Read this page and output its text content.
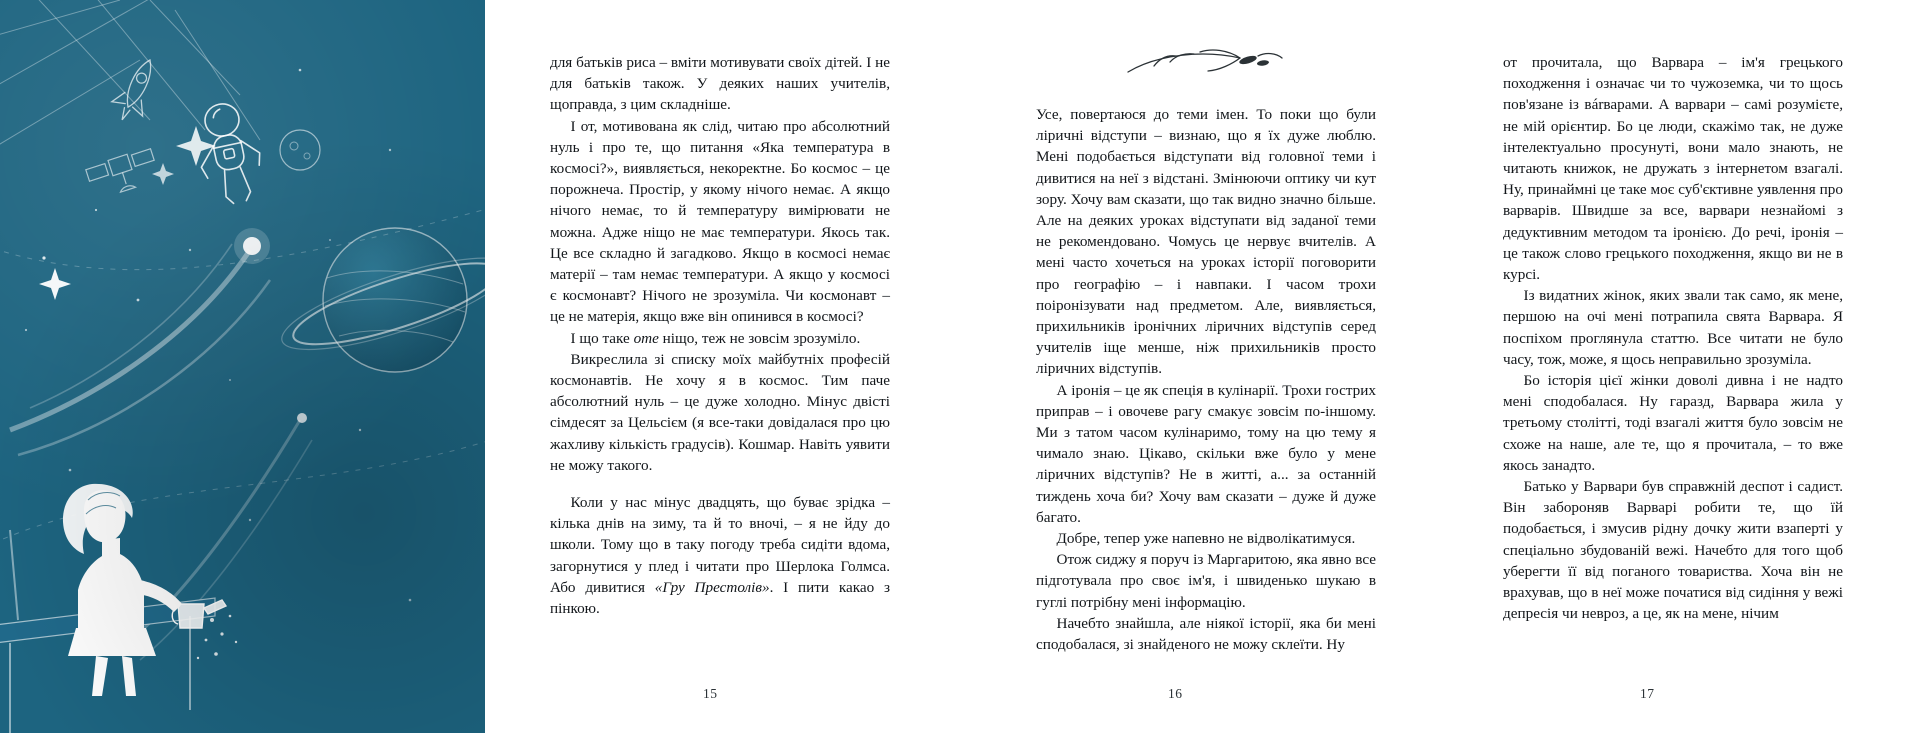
для батьків риса – вміти мотивувати своїх дітей. І не для батьків також. У деяких наших учителів, щоправда, з цим складніше.

І от, мотивована як слід, читаю про абсолютний нуль і про те, що питання «Яка температура в космосі?», виявляється, некоректне. Бо космос – це порожнеча. Простір, у якому нічого немає. А якщо нічого немає, то й температуру вимірювати не можна. Адже ніщо не має температури. Якось так. Це все складно й загадково. Якщо в космосі немає матерії – там немає температури. А якщо у космосі є космонавт? Нічого не зрозуміла. Чи космонавт – це не матерія, якщо вже він опинився в космосі?

І що таке оте ніщо, теж не зовсім зрозуміло.

Викреслила зі списку моїх майбутніх професій космонавтів. Не хочу я в космос. Тим паче абсолютний нуль – це дуже холодно. Мінус двісті сімдесят за Цельсієм (я все-таки довідалася про цю жахливу кількість градусів). Кошмар. Навіть уявити не можу такого.

Коли у нас мінус двадцять, що буває зрідка – кілька днів на зиму, та й то вночі, – я не йду до школи. Тому що в таку погоду треба сидіти вдома, загорнутися у плед і читати про Шерлока Голмса. Або дивитися «Гру Престолів». І пити какао з пінкою.

15

Усе, повертаюся до теми імен. То поки що були ліричні відступи – визнаю, що я їх дуже люблю. Мені подобається відступати від головної теми і дивитися на неї з відстані. Змінюючи оптику чи кут зору. Хочу вам сказати, що так видно значно більше. Але на деяких уроках відступати від заданої теми не рекомендовано. Чомусь це нервує вчителів. А мені часто хочеться на уроках історії поговорити про географію – і навпаки. І часом трохи поіронізувати над предметом. Але, виявляється, прихильників іронічних ліричних відступів серед учителів іще менше, ніж прихильників просто ліричних відступів.

А іронія – це як спеція в кулінарії. Трохи гострих приправ – і овочеве рагу смакує зовсім по-іншому. Ми з татом часом кулінаримо, тому на цю тему я чимало знаю. Цікаво, скільки вже було у мене ліричних відступів? Не в житті, а... за останній тиждень хоча би? Хочу вам сказати – дуже й дуже багато.

Добре, тепер уже напевно не відволікатимуся.

Отож сиджу я поруч із Маргаритою, яка явно все підготувала про своє ім'я, і швиденько шукаю в гуглі потрібну мені інформацію.

Начебто знайшла, але ніякої історії, яка би мені сподобалася, зі знайденого не можу склеїти. Ну

от прочитала, що Варвара – ім'я грецького походження і означає чи то чужоземка, чи то щось пов'язане із вárварами. А варвари – самі розумієте, не мій орієнтир. Бо це люди, скажімо так, не дуже інтелектуально просунуті, вони мало знають, не читають книжок, не дружать з інтернетом взагалі. Ну, принаймні це таке моє суб'єктивне уявлення про варварів. Швидше за все, варвари незнайомі з дедуктивним методом та іронією. До речі, іронія – це також слово грецького походження, якщо ви не в курсі.

Із видатних жінок, яких звали так само, як мене, першою на очі мені потрапила свята Варвара. Я поспіхом проглянула статтю. Все читати не було часу, тож, може, я щось неправильно зрозуміла.

Бо історія цієї жінки доволі дивна і не надто мені сподобалася. Ну гаразд, Варвара жила у третьому столітті, тоді взагалі життя було зовсім не схоже на наше, але те, що я прочитала, – то вже якось занадто.

Батько у Варвари був справжній деспот і садист. Він забороняв Варварі робити те, що їй подобається, і змусив рідну дочку жити взаперті у спеціально збудованій вежі. Начебто для того щоб уберегти її від поганого товариства. Хоча він не врахував, що в неї може початися від сидіння у вежі депресія чи невроз, а це, як на мене, нічим

16	17
